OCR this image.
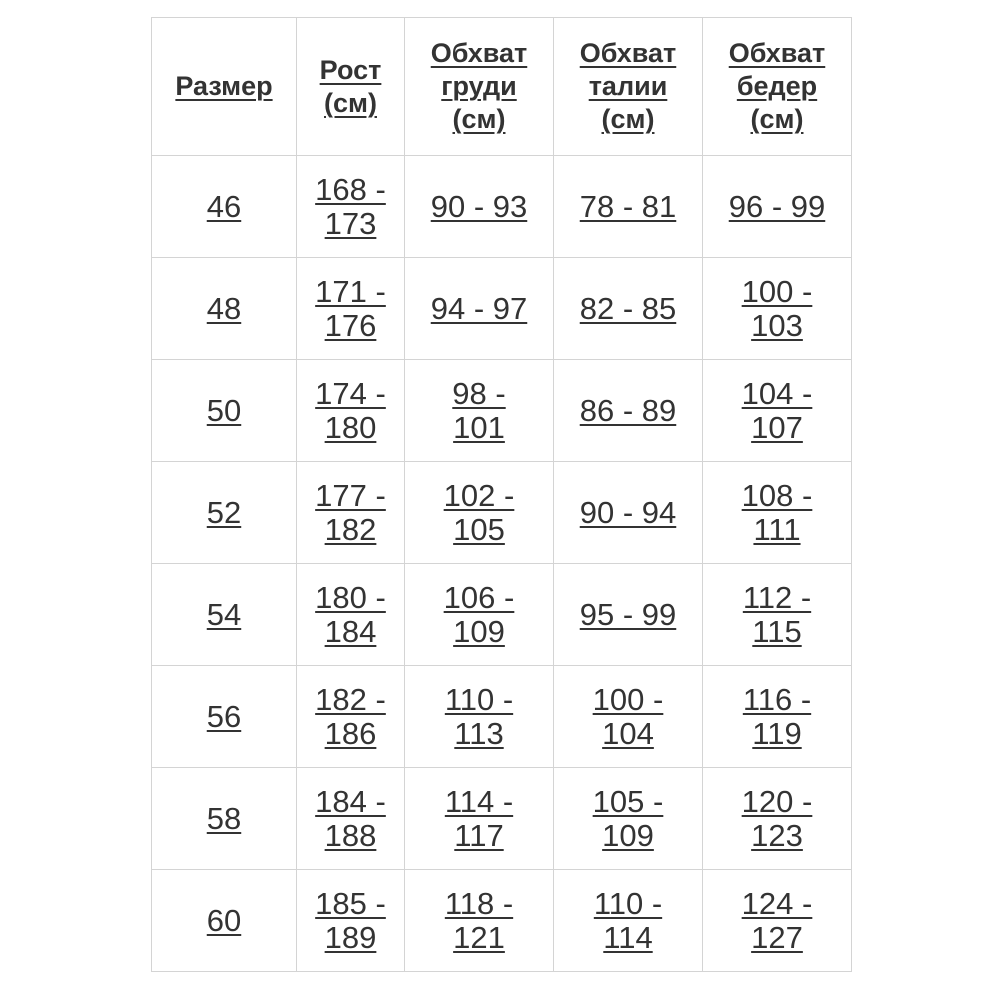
Размер	Рост (см)	Обхват груди (см)	Обхват талии (см)	Обхват бедер (см)
46	168 - 173	90 - 93	78 - 81	96 - 99
48	171 - 176	94 - 97	82 - 85	100 - 103
50	174 - 180	98 - 101	86 - 89	104 - 107
52	177 - 182	102 - 105	90 - 94	108 - 111
54	180 - 184	106 - 109	95 - 99	112 - 115
56	182 - 186	110 - 113	100 - 104	116 - 119
58	184 - 188	114 - 117	105 - 109	120 - 123
60	185 - 189	118 - 121	110 - 114	124 - 127
